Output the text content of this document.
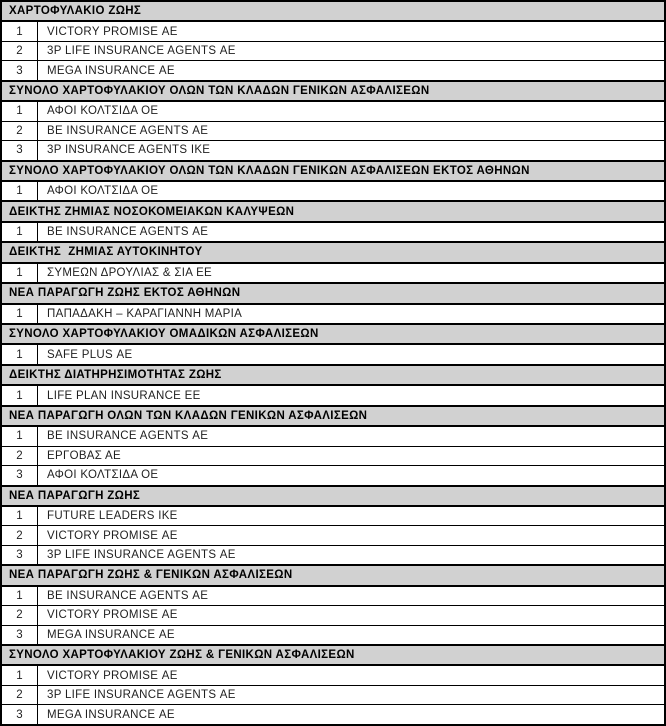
ΧΑΡΤΟΦΥΛΑΚΙΟ ΖΩΗΣ
1	VICTORY PROMISE ΑΕ
2	3P LIFE INSURANCE AGENTS ΑΕ
3	MEGA INSURANCE ΑΕ
ΣΥΝΟΛΟ ΧΑΡΤΟΦΥΛΑΚΙΟΥ ΟΛΩΝ ΤΩΝ ΚΛΑΔΩΝ ΓΕΝΙΚΩΝ ΑΣΦΑΛΙΣΕΩΝ
1	ΑΦΟΙ ΚΟΛΤΣΙΔΑ ΟΕ
2	BE INSURANCE AGENTS ΑΕ
3	3P INSURANCE AGENTS ΙΚΕ
ΣΥΝΟΛΟ ΧΑΡΤΟΦΥΛΑΚΙΟΥ ΟΛΩΝ ΤΩΝ ΚΛΑΔΩΝ ΓΕΝΙΚΩΝ ΑΣΦΑΛΙΣΕΩΝ ΕΚΤΟΣ ΑΘΗΝΩΝ
1	ΑΦΟΙ ΚΟΛΤΣΙΔΑ ΟΕ
ΔΕΙΚΤΗΣ ΖΗΜΙΑΣ ΝΟΣΟΚΟΜΕΙΑΚΩΝ ΚΑΛΥΨΕΩΝ
1	BE INSURANCE AGENTS ΑΕ
ΔΕΙΚΤΗΣ  ΖΗΜΙΑΣ ΑΥΤΟΚΙΝΗΤΟΥ
1	ΣΥΜΕΩΝ ΔΡΟΥΛΙΑΣ & ΣΙΑ ΕΕ
ΝΕΑ ΠΑΡΑΓΩΓΗ ΖΩΗΣ ΕΚΤΟΣ ΑΘΗΝΩΝ
1	ΠΑΠΑΔΑΚΗ – ΚΑΡΑΓΙΑΝΝΗ ΜΑΡΙΑ
ΣΥΝΟΛΟ ΧΑΡΤΟΦΥΛΑΚΙΟΥ ΟΜΑΔΙΚΩΝ ΑΣΦΑΛΙΣΕΩΝ
1	SAFE PLUS ΑΕ
ΔΕΙΚΤΗΣ ΔΙΑΤΗΡΗΣΙΜΟΤΗΤΑΣ ΖΩΗΣ
1	LIFE PLAN INSURANCE ΕΕ
ΝΕΑ ΠΑΡΑΓΩΓΗ ΟΛΩΝ ΤΩΝ ΚΛΑΔΩΝ ΓΕΝΙΚΩΝ ΑΣΦΑΛΙΣΕΩΝ
1	BE INSURANCE AGENTS ΑΕ
2	ΕΡΓΟΒΑΣ ΑΕ
3	ΑΦΟΙ ΚΟΛΤΣΙΔΑ ΟΕ
ΝΕΑ ΠΑΡΑΓΩΓΗ ΖΩΗΣ
1	FUTURE LEADERS ΙΚΕ
2	VICTORY PROMISE ΑΕ
3	3P LIFE INSURANCE AGENTS ΑΕ
ΝΕΑ ΠΑΡΑΓΩΓΗ ΖΩΗΣ & ΓΕΝΙΚΩΝ ΑΣΦΑΛΙΣΕΩΝ
1	BE INSURANCE AGENTS ΑΕ
2	VICTORY PROMISE ΑΕ
3	MEGA INSURANCE ΑΕ
ΣΥΝΟΛΟ ΧΑΡΤΟΦΥΛΑΚΙΟΥ ΖΩΗΣ & ΓΕΝΙΚΩΝ ΑΣΦΑΛΙΣΕΩΝ
1	VICTORY PROMISE ΑΕ
2	3P LIFE INSURANCE AGENTS ΑΕ
3	MEGA INSURANCE ΑΕ
